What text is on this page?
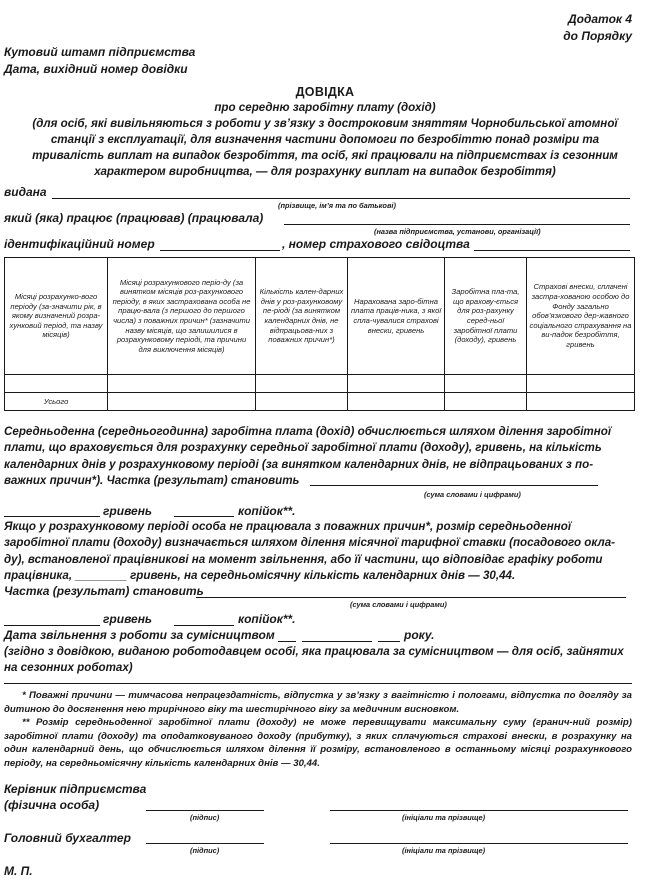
Додаток 4
до Порядку
Кутовий штамп підприємства
Дата, вихідний номер довідки
ДОВІДКА
про середню заробітну плату (дохід)
(для осіб, які вивільняються з роботи у зв’язку з достроковим зняттям Чорнобильської атомної
станції з експлуатації, для визначення частини допомоги по безробіттю понад розміри та
тривалість виплат на випадок безробіття, та осіб, які працювали на підприємствах із сезонним
характером виробництва, — для розрахунку виплат на випадок безробіття)
видана
(прізвище, ім’я та по батькові)
який (яка) працює (працював) (працювала)
(назва підприємства, установи, організації)
ідентифікаційний номер	, номер страхового свідоцтва
Місяці розрахунко-вого періоду (за-значити рік, в якому визначений розра-хунковий період, та назву місяців)	Місяці розрахункового періо-ду (за винятком місяців роз-рахункового періоду, в яких застрахована особа не працю-вала (з першого до першого числа) з поважних причин* (зазначити назву місяців, що залишилися в розрахунковому періоді, та причини для виключення місяців)	Кількість кален-дарних днів у роз-рахунковому пе-ріоді (за винятком календарних днів, не відпрацьова-них з поважних причин*)	Нарахована заро-бітна плата праців-ника, з якої спла-чувалися страхові внески, гривень	Заробітна пла-та, що врахову-ється для роз-рахунку серед-ньої заробітної плати (доходу), гривень	Страхові внески, сплачені застра-хованою особою до Фонду загально обов’язкового дер-жавного соціального страхування на ви-падок безробіття, гривень

Усього					
Середньоденна (середньогодинна) заробітна плата (дохід) обчислюється шляхом ділення заробітної плати, що враховується для розрахунку середньої заробітної плати (доходу), гривень, на кількість календарних днів у розрахунковому періоді (за винятком календарних днів, не відпрацьованих з по-важних причин*). Частка (результат) становить
(сума словами і цифрами)
гривень	копійок**.
Якщо у розрахунковому періоді особа не працювала з поважних причин*, розмір середньоденної заробітної плати (доходу) визначається шляхом ділення місячної тарифної ставки (посадового окла-ду), встановленої працівникові на момент звільнення, або її частини, що відповідає графіку роботи працівника, ________ гривень, на середньомісячну кількість календарних днів — 30,44.
Частка (результат) становить
(сума словами і цифрами)
гривень	копійок**.
Дата звільнення з роботи за сумісництвом	року.
(згідно з довідкою, виданою роботодавцем особі, яка працювала за сумісництвом — для осіб, зайнятих на сезонних роботах)
* Поважні причини — тимчасова непрацездатність, відпустка у зв’язку з вагітністю і пологами, відпустка по догляду за дитиною до досягнення нею трирічного віку та шестирічного віку за медичним висновком.
** Розмір середньоденної заробітної плати (доходу) не може перевищувати максимальну суму (гранич-ний розмір) заробітної плати (доходу) та оподатковуваного доходу (прибутку), з яких сплачуються страхові внески, в розрахунку на один календарний день, що обчислюється шляхом ділення її розміру, встановленого в останньому місяці розрахункового періоду, на середньомісячну кількість календарних днів — 30,44.
Керівник підприємства
(фізична особа)
(підпис)	(ініціали та прізвище)
Головний бухгалтер
(підпис)	(ініціали та прізвище)
М. П.
